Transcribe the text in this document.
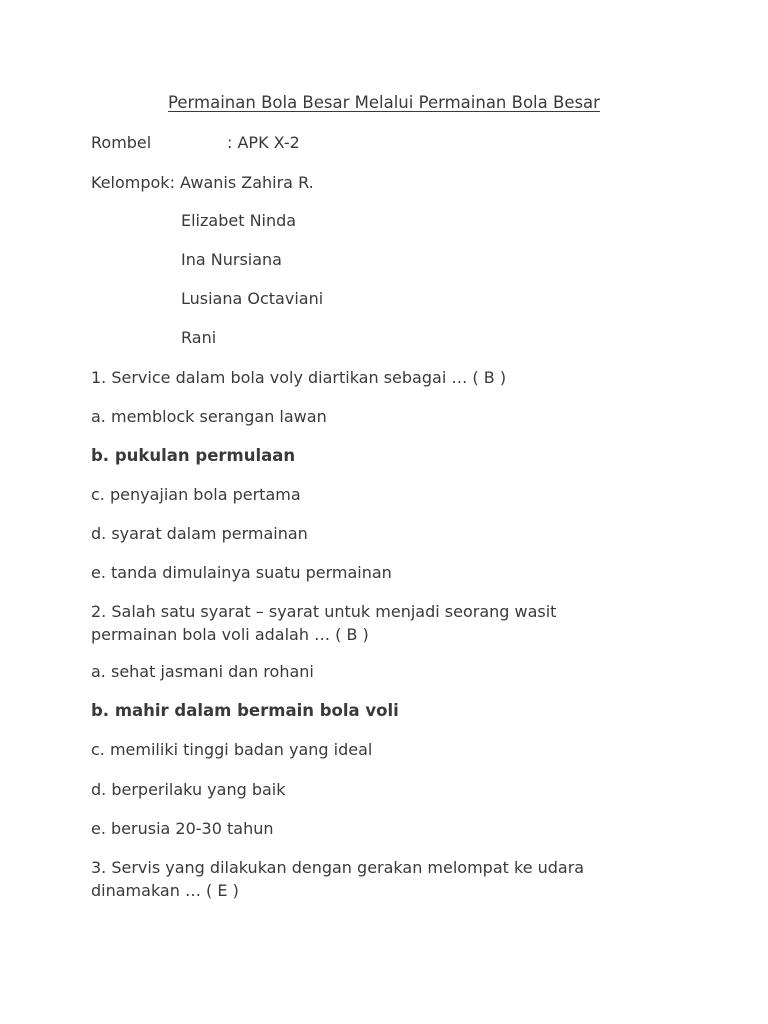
Permainan Bola Besar Melalui Permainan Bola Besar
Rombel	: APK X-2
Kelompok: Awanis Zahira R.
Elizabet Ninda
Ina Nursiana
Lusiana Octaviani
Rani
1. Service dalam bola voly diartikan sebagai … ( B )
a. memblock serangan lawan
b. pukulan permulaan
c. penyajian bola pertama
d. syarat dalam permainan
e. tanda dimulainya suatu permainan
2. Salah satu syarat – syarat untuk menjadi seorang wasit
permainan bola voli adalah … ( B )
a. sehat jasmani dan rohani
b. mahir dalam bermain bola voli
c. memiliki tinggi badan yang ideal
d. berperilaku yang baik
e. berusia 20-30 tahun
3. Servis yang dilakukan dengan gerakan melompat ke udara
dinamakan … ( E )
